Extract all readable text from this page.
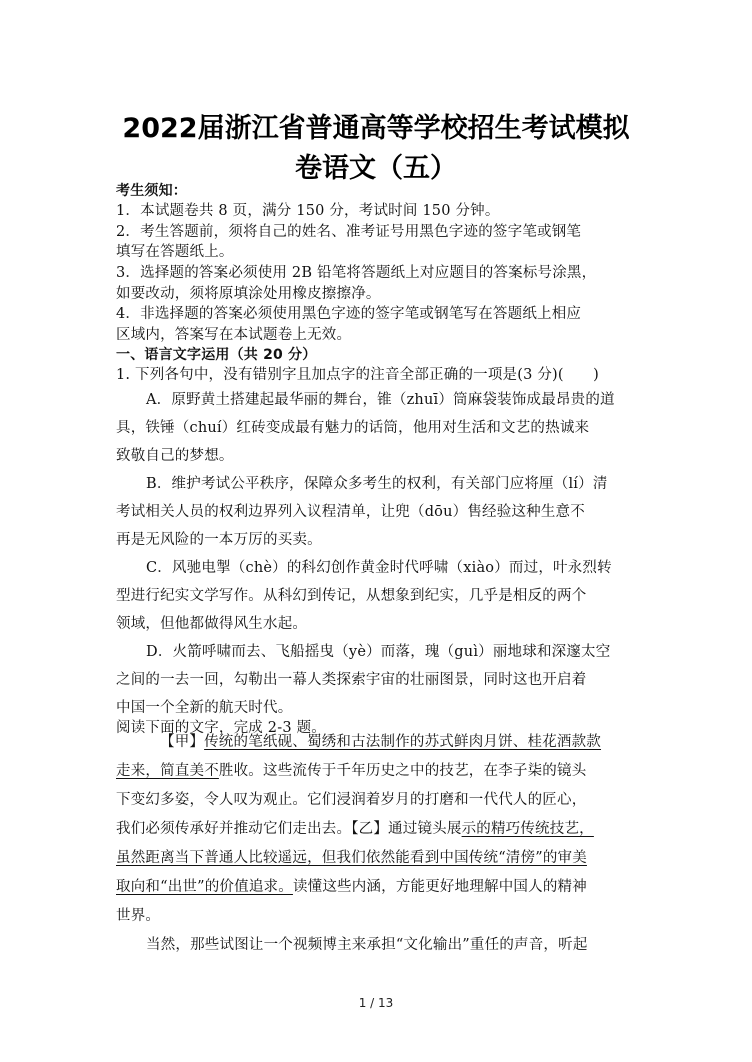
2022届浙江省普通高等学校招生考试模拟
卷语文（五）
考生须知：
1．本试题卷共 8 页，满分 150 分，考试时间 150 分钟。
2．考生答题前，须将自己的姓名、准考证号用黑色字迹的签字笔或钢笔
填写在答题纸上。
3．选择题的答案必须使用 2B 铅笔将答题纸上对应题目的答案标号涂黑，
如要改动，须将原填涂处用橡皮擦擦净。
4．非选择题的答案必须使用黑色字迹的签字笔或钢笔写在答题纸上相应
区域内，答案写在本试题卷上无效。
一、语言文字运用（共 20 分）
1. 下列各句中，没有错别字且加点字的注音全部正确的一项是(3 分)(　　)
A．原野黄土搭建起最华丽的舞台，锥（zhuī）筒麻袋装饰成最昂贵的道
具，铁锤（chuí）红砖变成最有魅力的话筒，他用对生活和文艺的热诚来
致敬自己的梦想。
B．维护考试公平秩序，保障众多考生的权利，有关部门应将厘（lí）清
考试相关人员的权利边界列入议程清单，让兜（dōu）售经验这种生意不
再是无风险的一本万厉的买卖。
C．风驰电掣（chè）的科幻创作黄金时代呼啸（xiào）而过，叶永烈转
型进行纪实文学写作。从科幻到传记，从想象到纪实，几乎是相反的两个
领域，但他都做得风生水起。
D．火箭呼啸而去、飞船摇曳（yè）而落，瑰（guì）丽地球和深邃太空
之间的一去一回，勾勒出一幕人类探索宇宙的壮丽图景，同时这也开启着
中国一个全新的航天时代。
阅读下面的文字，完成 2-3 题。
【甲】传统的笔纸砚、蜀绣和古法制作的苏式鲜肉月饼、桂花酒款款
走来，简直美不胜收。这些流传于千年历史之中的技艺，在李子柒的镜头
下变幻多姿，令人叹为观止。它们浸润着岁月的打磨和一代代人的匠心，
我们必须传承好并推动它们走出去。【乙】通过镜头展示的精巧传统技艺，
虽然距离当下普通人比较遥远，但我们依然能看到中国传统“清傍”的审美
取向和“出世”的价值追求。读懂这些内涵，方能更好地理解中国人的精神
世界。
当然，那些试图让一个视频博主来承担“文化输出”重任的声音，听起
1 / 13
